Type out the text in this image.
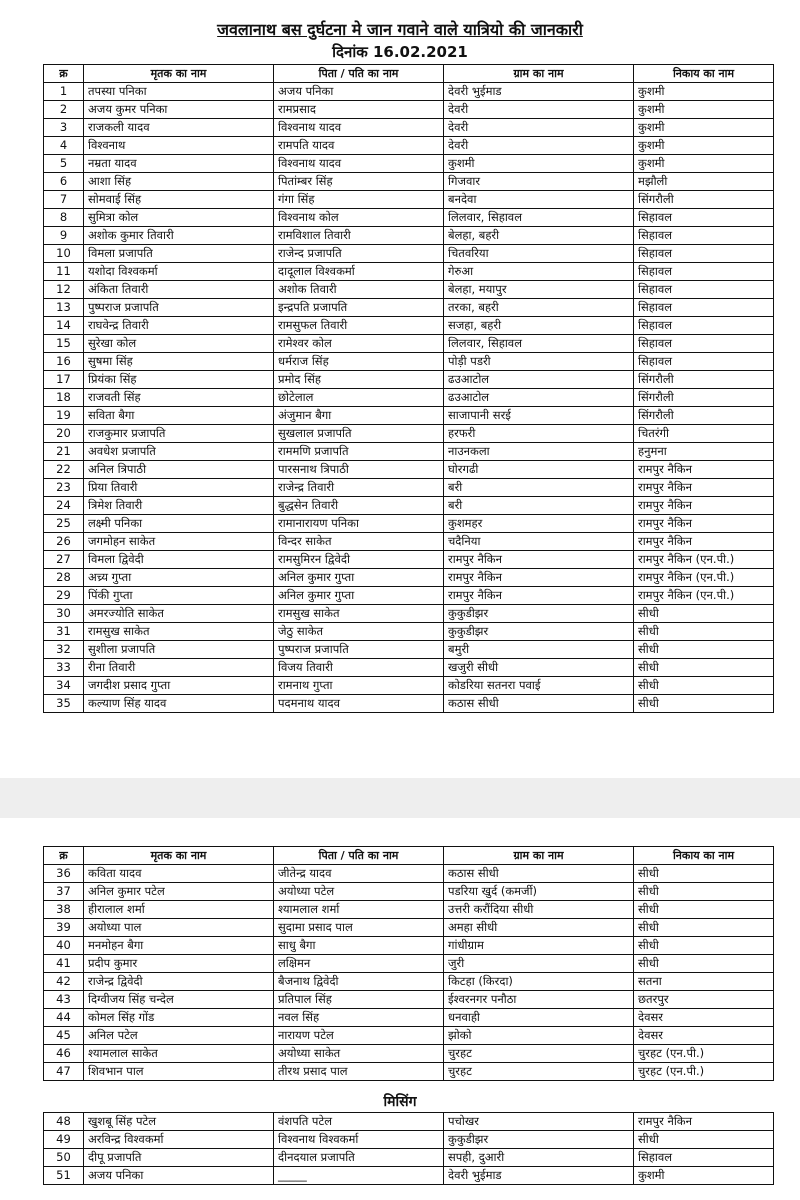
जवलानाथ बस दुर्घटना मे जान गवाने वाले यात्रियो की जानकारी
दिनांक 16.02.2021
क्र	मृतक का नाम	पिता / पति का नाम	ग्राम का नाम	निकाय का नाम
1	तपस्या पनिका	अजय पनिका	देवरी भुईमाड	कुशमी
2	अजय कुमर पनिका	रामप्रसाद	देवरी	कुशमी
3	राजकली यादव	विश्वनाथ यादव	देवरी	कुशमी
4	विश्वनाथ	रामपति यादव	देवरी	कुशमी
5	नम्रता यादव	विश्वनाथ यादव	कुशमी	कुशमी
6	आशा सिंह	पितांम्बर सिंह	गिजवार	मझौली
7	सोमवाई सिंह	गंगा सिंह	बनदेवा	सिंगरौली
8	सुमित्रा कोल	विश्वनाथ कोल	लिलवार, सिहावल	सिहावल
9	अशोक कुमार तिवारी	रामविशाल तिवारी	बेलहा, बहरी	सिहावल
10	विमला प्रजापति	राजेन्द प्रजापति	चितवरिया	सिहावल
11	यशोदा विश्वकर्मा	दादूलाल विश्वकर्मा	गेरुआ	सिहावल
12	अंकिता तिवारी	अशोक तिवारी	बेलहा, मयापुर	सिहावल
13	पुष्पराज प्रजापति	इन्द्रपति प्रजापति	तरका, बहरी	सिहावल
14	राघवेन्द्र तिवारी	रामसुफल तिवारी	सजहा, बहरी	सिहावल
15	सुरेखा कोल	रामेश्वर कोल	लिलवार, सिहावल	सिहावल
16	सुषमा सिंह	धर्मराज सिंह	पोड़ी पडरी	सिहावल
17	प्रियंका सिंह	प्रमोद सिंह	ढउआटोल	सिंगरौली
18	राजवती सिंह	छोटेलाल	ढउआटोल	सिंगरौली
19	सविता बैगा	अंजुमान बैगा	साजापानी सरई	सिंगरौली
20	राजकुमार प्रजापति	सुखलाल प्रजापति	हरफरी	चितरंगी
21	अवधेश प्रजापति	राममणि प्रजापति	नाउनकला	हनुमना
22	अनिल त्रिपाठी	पारसनाथ त्रिपाठी	घोरगढी	रामपुर नैकिन
23	प्रिया तिवारी	राजेन्द्र तिवारी	बरी	रामपुर नैकिन
24	त्रिमेश तिवारी	बुद्धसेन तिवारी	बरी	रामपुर नैकिन
25	लक्ष्मी पनिका	रामानारायण पनिका	कुशमहर	रामपुर नैकिन
26	जगमोहन साकेत	विन्दर साकेत	चदैनिया	रामपुर नैकिन
27	विमला द्विवेदी	रामसुमिरन द्विवेदी	रामपुर नैकिन	रामपुर नैकिन (एन.पी.)
28	अच्र्य गुप्ता	अनिल कुमार गुप्ता	रामपुर नैकिन	रामपुर नैकिन (एन.पी.)
29	पिंकी गुप्ता	अनिल कुमार गुप्ता	रामपुर नैकिन	रामपुर नैकिन (एन.पी.)
30	अमरज्योति साकेत	रामसुख साकेत	कुकुडीझर	सीधी
31	रामसुख साकेत	जेठु साकेत	कुकुडीझर	सीधी
32	सुशीला प्रजापति	पुष्पराज प्रजापति	बमुरी	सीधी
33	रीना तिवारी	विजय तिवारी	खजुरी सीधी	सीधी
34	जगदीश प्रसाद गुप्ता	रामनाथ गुप्ता	कोडरिया सतनरा पवाई	सीधी
35	कल्याण सिंह यादव	पदमनाथ यादव	कठास सीधी	सीधी
क्र	मृतक का नाम	पिता / पति का नाम	ग्राम का नाम	निकाय का नाम
36	कविता यादव	जीतेन्द्र यादव	कठास सीधी	सीधी
37	अनिल कुमार पटेल	अयोध्या पटेल	पडरिया खुर्द (कमर्जी)	सीधी
38	हीरालाल शर्मा	श्यामलाल शर्मा	उत्तरी करौंदिया सीधी	सीधी
39	अयोध्या पाल	सुदामा प्रसाद पाल	अमहा सीधी	सीधी
40	मनमोहन बैगा	साधु बैगा	गांधीग्राम	सीधी
41	प्रदीप कुमार	लक्षिमन	जुरी	सीधी
42	राजेन्द्र द्विवेदी	बैजनाथ द्विवेदी	किटहा (किरदा)	सतना
43	दिग्वीजय सिंह चन्देल	प्रतिपाल सिंह	ईश्वरनगर पनौठा	छतरपुर
44	कोमल सिंह गोंड	नवल सिंह	धनवाही	देवसर
45	अनिल पटेल	नारायण पटेल	झोको	देवसर
46	श्यामलाल साकेत	अयोध्या साकेत	चुरहट	चुरहट (एन.पी.)
47	शिवभान पाल	तीरथ प्रसाद पाल	चुरहट	चुरहट (एन.पी.)
मिसिंग
48	खुशबू सिंह पटेल	वंशपति पटेल	पचोखर	रामपुर नैकिन
49	अरविन्द्र विश्वकर्मा	विश्वनाथ विश्वकर्मा	कुकुडीझर	सीधी
50	दीपू प्रजापति	दीनदयाल प्रजापति	सपही, दुआरी	सिहावल
51	अजय पनिका	_____	देवरी भुईमाड	कुशमी
